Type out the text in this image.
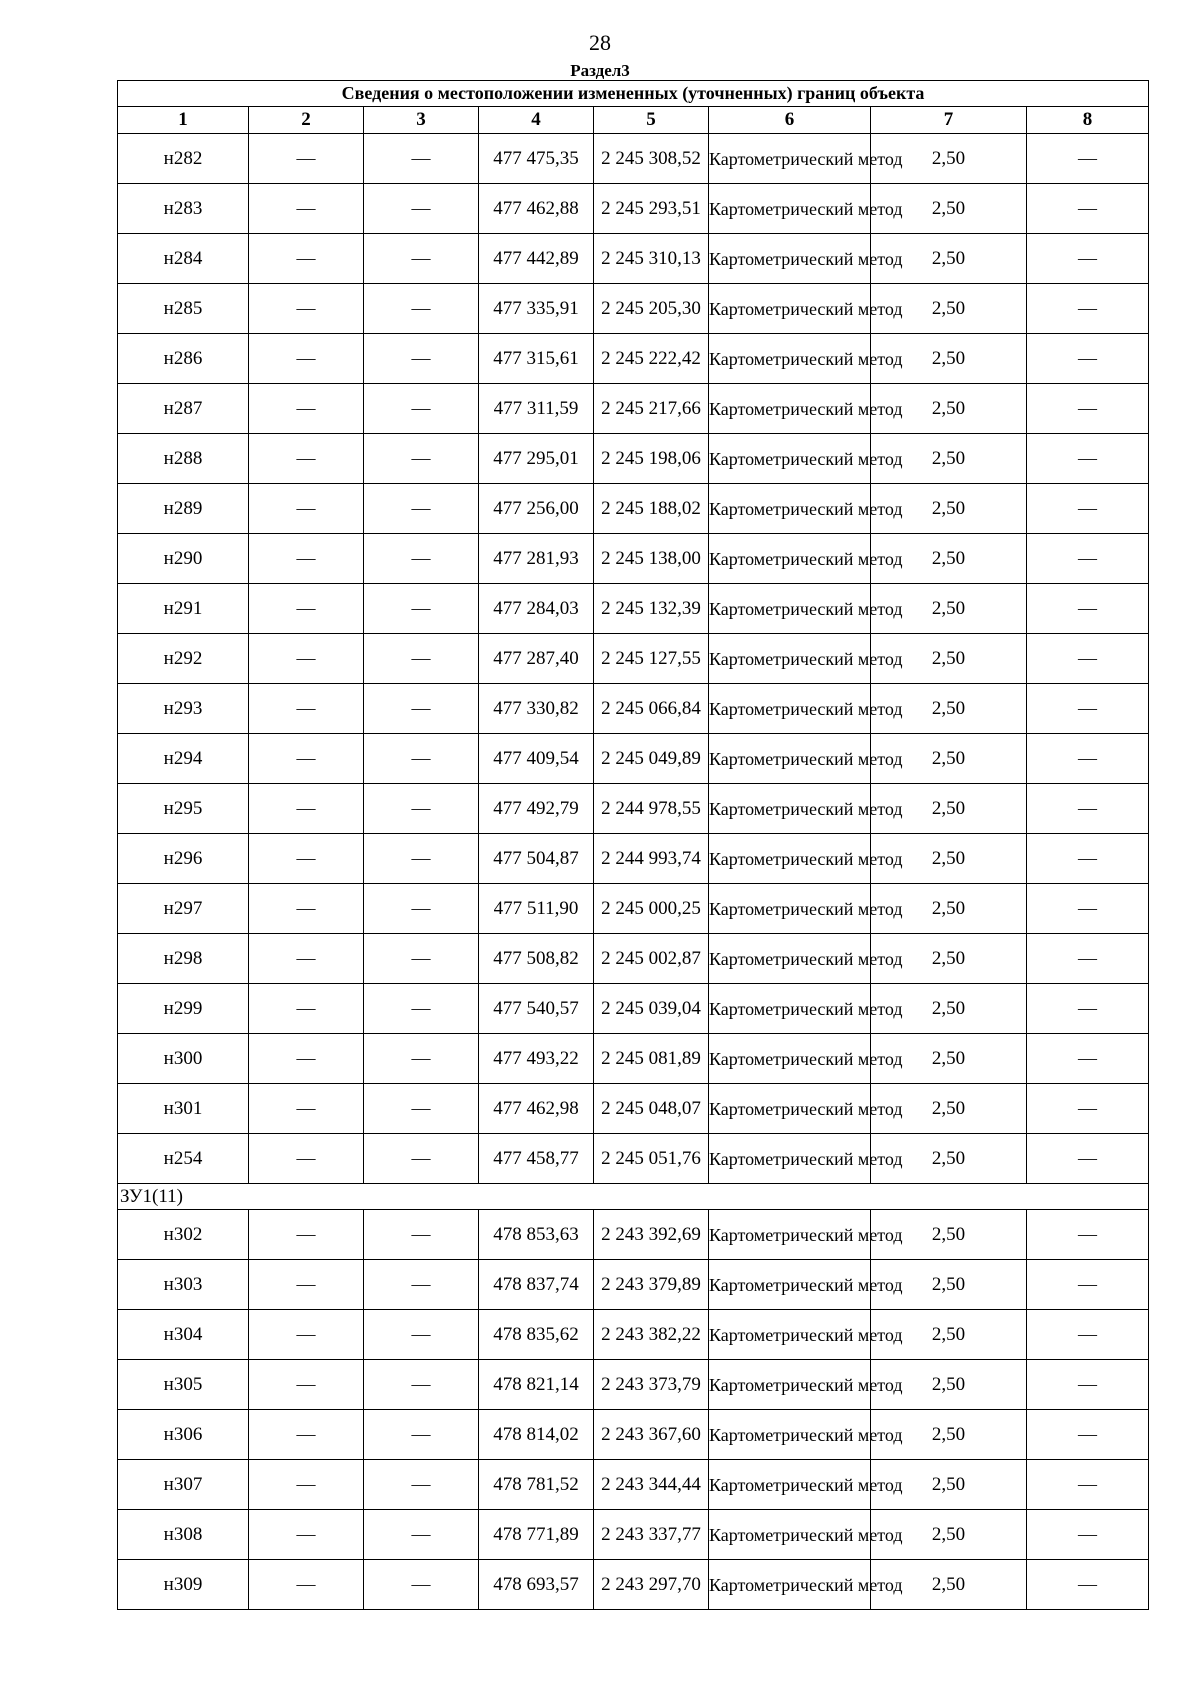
28
Раздел3
Сведения о местоположении измененных (уточненных) границ объекта							
1	2	3	4	5	6	7	8
н282	—	—	477 475,35	2 245 308,52	Картометрический метод	2,50	—
н283	—	—	477 462,88	2 245 293,51	Картометрический метод	2,50	—
н284	—	—	477 442,89	2 245 310,13	Картометрический метод	2,50	—
н285	—	—	477 335,91	2 245 205,30	Картометрический метод	2,50	—
н286	—	—	477 315,61	2 245 222,42	Картометрический метод	2,50	—
н287	—	—	477 311,59	2 245 217,66	Картометрический метод	2,50	—
н288	—	—	477 295,01	2 245 198,06	Картометрический метод	2,50	—
н289	—	—	477 256,00	2 245 188,02	Картометрический метод	2,50	—
н290	—	—	477 281,93	2 245 138,00	Картометрический метод	2,50	—
н291	—	—	477 284,03	2 245 132,39	Картометрический метод	2,50	—
н292	—	—	477 287,40	2 245 127,55	Картометрический метод	2,50	—
н293	—	—	477 330,82	2 245 066,84	Картометрический метод	2,50	—
н294	—	—	477 409,54	2 245 049,89	Картометрический метод	2,50	—
н295	—	—	477 492,79	2 244 978,55	Картометрический метод	2,50	—
н296	—	—	477 504,87	2 244 993,74	Картометрический метод	2,50	—
н297	—	—	477 511,90	2 245 000,25	Картометрический метод	2,50	—
н298	—	—	477 508,82	2 245 002,87	Картометрический метод	2,50	—
н299	—	—	477 540,57	2 245 039,04	Картометрический метод	2,50	—
н300	—	—	477 493,22	2 245 081,89	Картометрический метод	2,50	—
н301	—	—	477 462,98	2 245 048,07	Картометрический метод	2,50	—
н254	—	—	477 458,77	2 245 051,76	Картометрический метод	2,50	—
ЗУ1(11)							
н302	—	—	478 853,63	2 243 392,69	Картометрический метод	2,50	—
н303	—	—	478 837,74	2 243 379,89	Картометрический метод	2,50	—
н304	—	—	478 835,62	2 243 382,22	Картометрический метод	2,50	—
н305	—	—	478 821,14	2 243 373,79	Картометрический метод	2,50	—
н306	—	—	478 814,02	2 243 367,60	Картометрический метод	2,50	—
н307	—	—	478 781,52	2 243 344,44	Картометрический метод	2,50	—
н308	—	—	478 771,89	2 243 337,77	Картометрический метод	2,50	—
н309	—	—	478 693,57	2 243 297,70	Картометрический метод	2,50	—
